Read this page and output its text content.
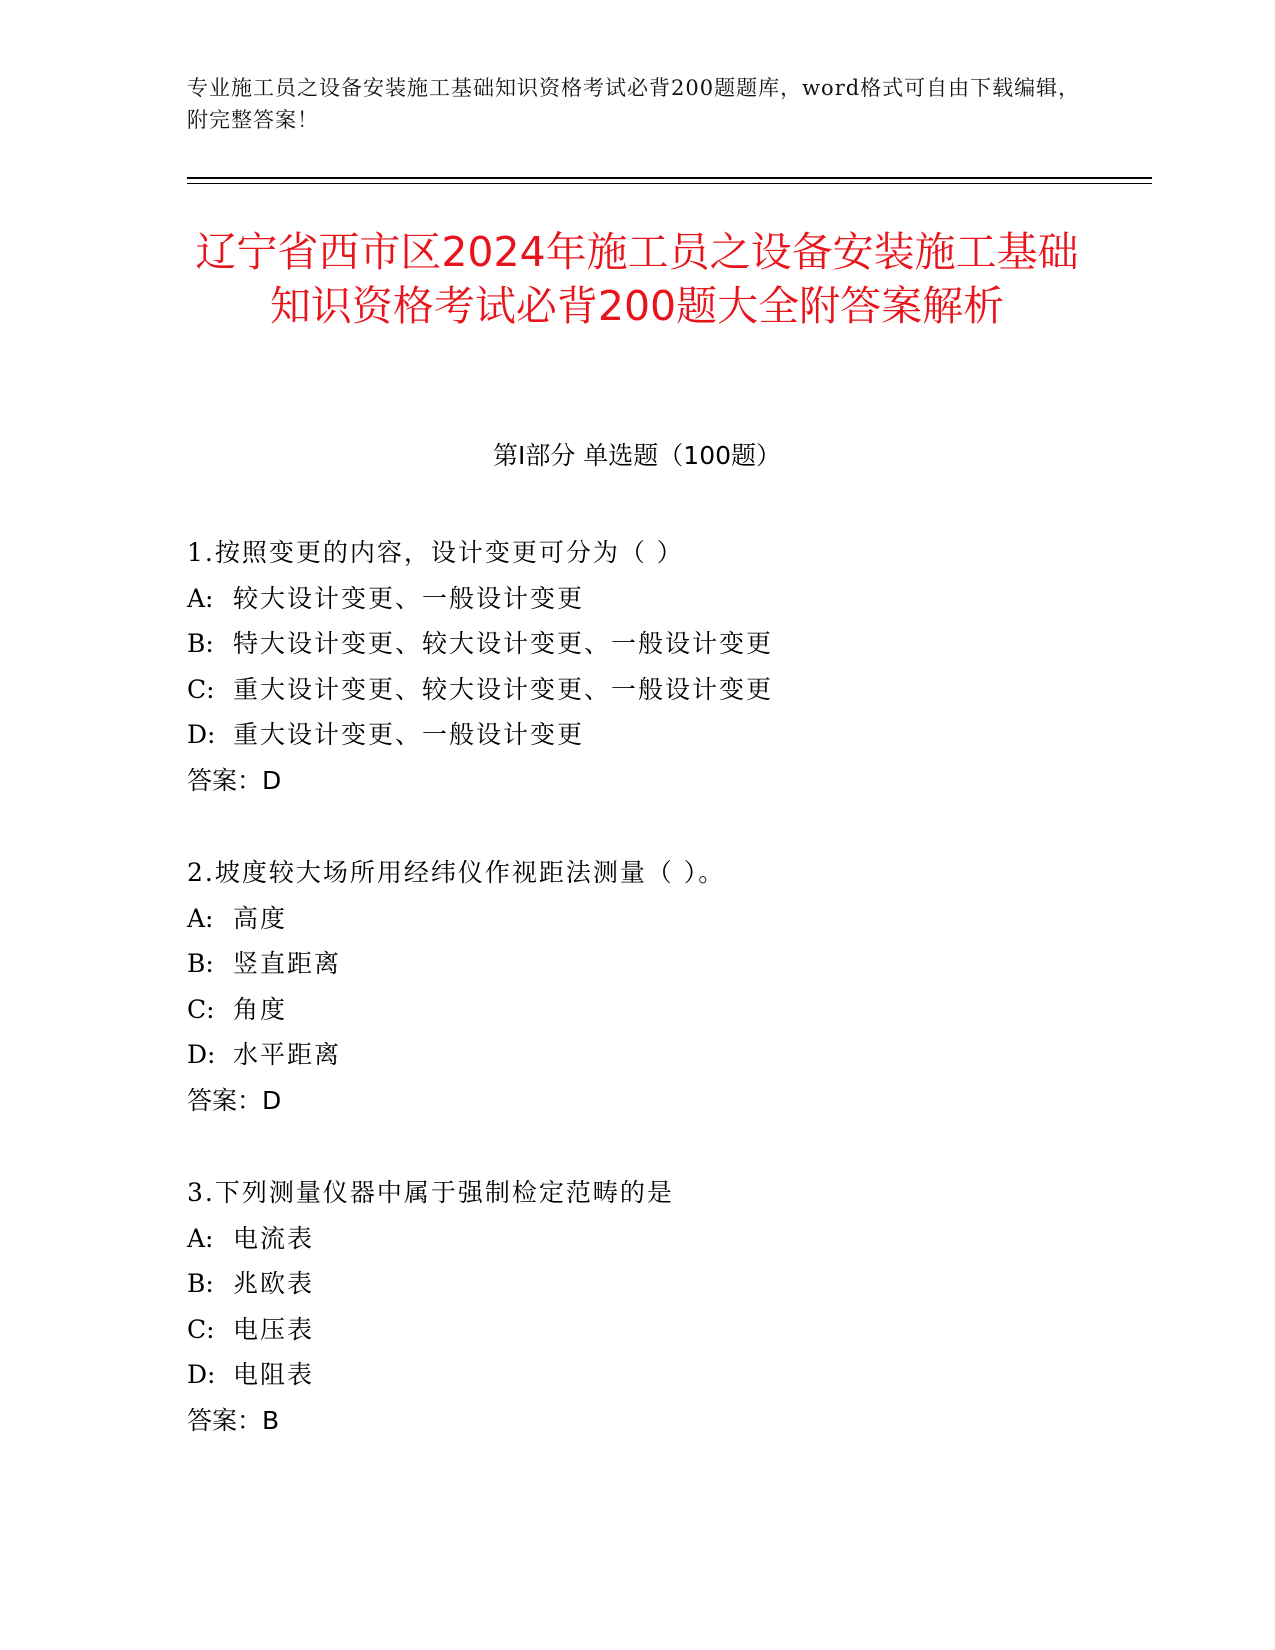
专业施工员之设备安装施工基础知识资格考试必背200题题库，word格式可自由下载编辑，附完整答案！
辽宁省西市区2024年施工员之设备安装施工基础知识资格考试必背200题大全附答案解析
第Ⅰ部分 单选题（100题）
1.按照变更的内容，设计变更可分为（ ）
A: 较大设计变更、一般设计变更
B: 特大设计变更、较大设计变更、一般设计变更
C: 重大设计变更、较大设计变更、一般设计变更
D: 重大设计变更、一般设计变更
答案：D
2.坡度较大场所用经纬仪作视距法测量（ ）。
A: 高度
B: 竖直距离
C: 角度
D: 水平距离
答案：D
3.下列测量仪器中属于强制检定范畴的是
A: 电流表
B: 兆欧表
C: 电压表
D: 电阻表
答案：B
